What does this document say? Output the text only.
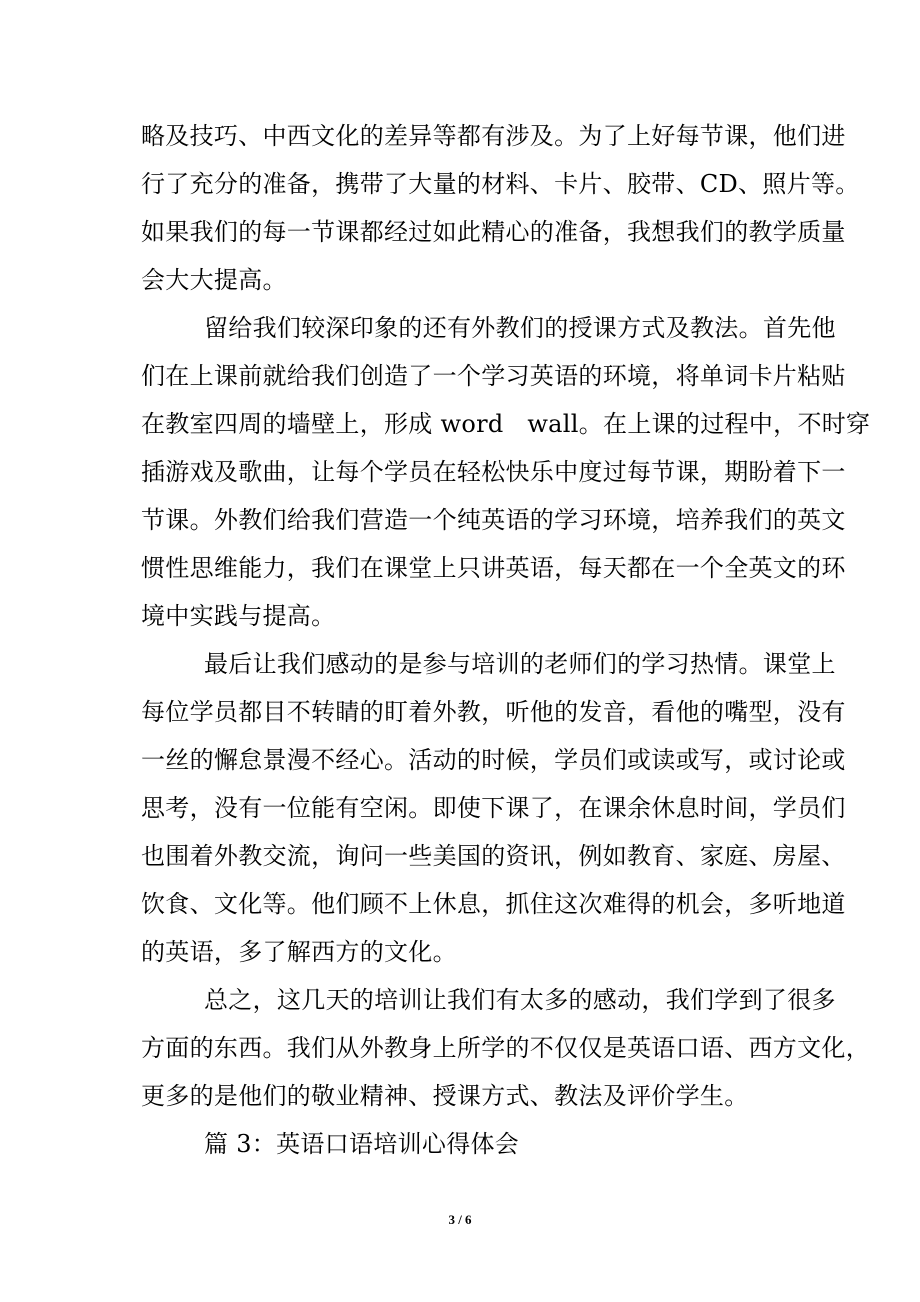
略及技巧、中西文化的差异等都有涉及。为了上好每节课，他们进
行了充分的准备，携带了大量的材料、卡片、胶带、CD、照片等。
如果我们的每一节课都经过如此精心的准备，我想我们的教学质量
会大大提高。
留给我们较深印象的还有外教们的授课方式及教法。首先他
们在上课前就给我们创造了一个学习英语的环境，将单词卡片粘贴
在教室四周的墙壁上，形成 word   wall。在上课的过程中，不时穿
插游戏及歌曲，让每个学员在轻松快乐中度过每节课，期盼着下一
节课。外教们给我们营造一个纯英语的学习环境，培养我们的英文
惯性思维能力，我们在课堂上只讲英语，每天都在一个全英文的环
境中实践与提高。
最后让我们感动的是参与培训的老师们的学习热情。课堂上
每位学员都目不转睛的盯着外教，听他的发音，看他的嘴型，没有
一丝的懈怠景漫不经心。活动的时候，学员们或读或写，或讨论或
思考，没有一位能有空闲。即使下课了，在课余休息时间，学员们
也围着外教交流，询问一些美国的资讯，例如教育、家庭、房屋、
饮食、文化等。他们顾不上休息，抓住这次难得的机会，多听地道
的英语，多了解西方的文化。
总之，这几天的培训让我们有太多的感动，我们学到了很多
方面的东西。我们从外教身上所学的不仅仅是英语口语、西方文化，
更多的是他们的敬业精神、授课方式、教法及评价学生。
篇 3：英语口语培训心得体会
3 / 6
